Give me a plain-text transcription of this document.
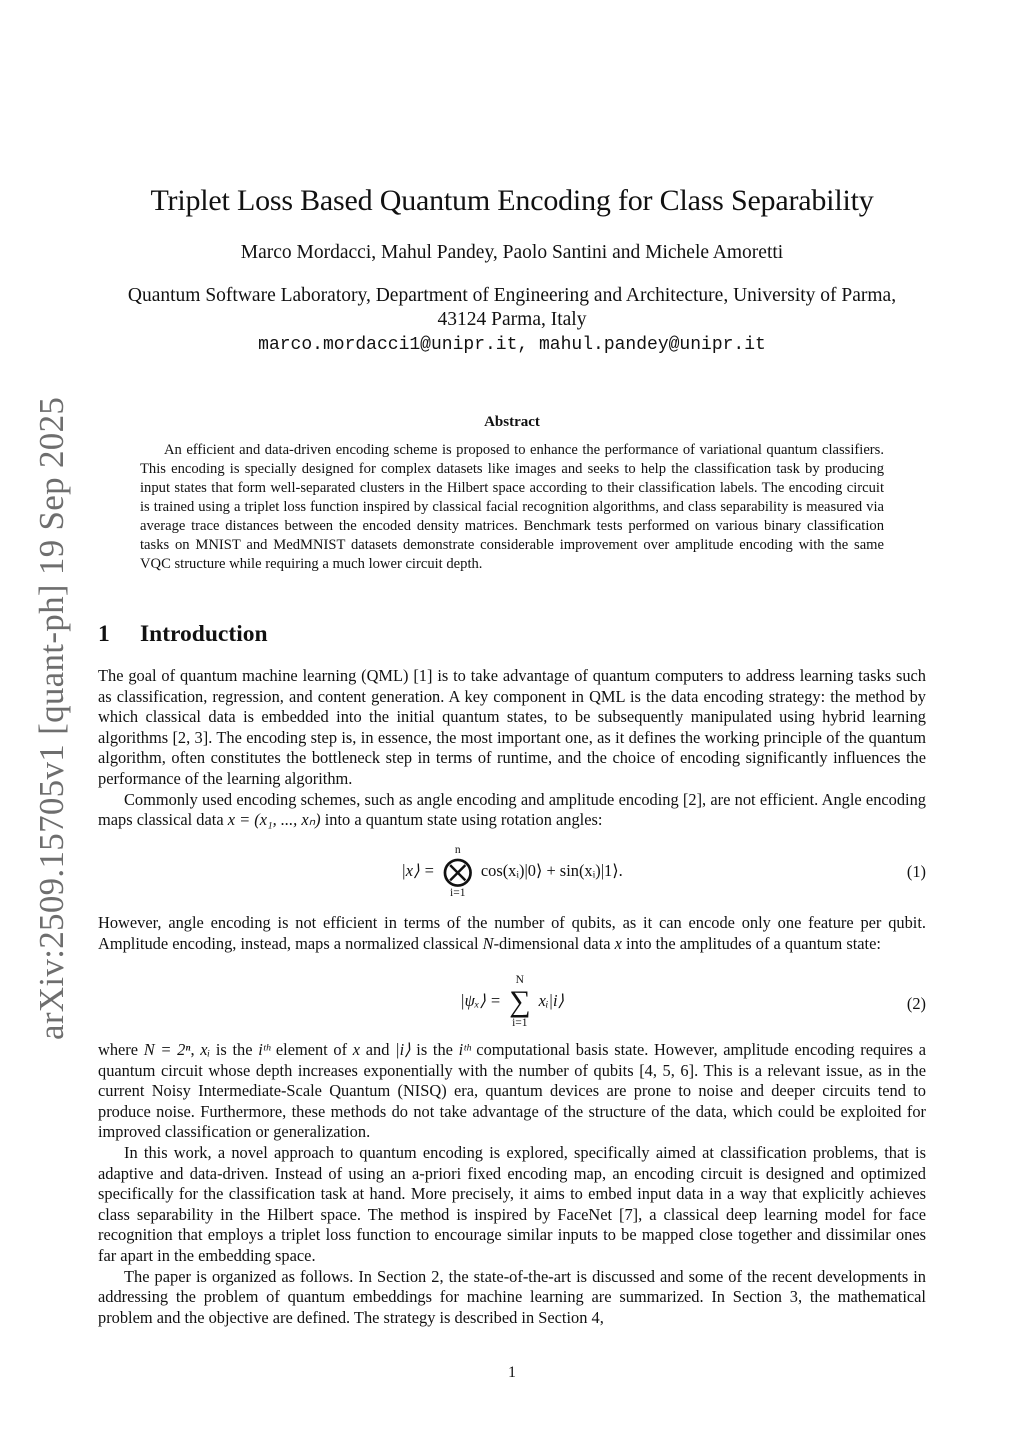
arXiv:2509.15705v1 [quant-ph] 19 Sep 2025
Triplet Loss Based Quantum Encoding for Class Separability
Marco Mordacci, Mahul Pandey, Paolo Santini and Michele Amoretti
Quantum Software Laboratory, Department of Engineering and Architecture, University of Parma, 43124 Parma, Italy
marco.mordacci1@unipr.it, mahul.pandey@unipr.it
Abstract

An efficient and data-driven encoding scheme is proposed to enhance the performance of variational quantum classifiers. This encoding is specially designed for complex datasets like images and seeks to help the classification task by producing input states that form well-separated clusters in the Hilbert space according to their classification labels. The encoding circuit is trained using a triplet loss function inspired by classical facial recognition algorithms, and class separability is measured via average trace distances between the encoded density matrices. Benchmark tests performed on various binary classification tasks on MNIST and MedMNIST datasets demonstrate considerable improvement over amplitude encoding with the same VQC structure while requiring a much lower circuit depth.

1 Introduction

The goal of quantum machine learning (QML) [1] is to take advantage of quantum computers to address learning tasks such as classification, regression, and content generation. A key component in QML is the data encoding strategy: the method by which classical data is embedded into the initial quantum states, to be subsequently manipulated using hybrid learning algorithms [2, 3]. The encoding step is, in essence, the most important one, as it defines the working principle of the quantum algorithm, often constitutes the bottleneck step in terms of runtime, and the choice of encoding significantly influences the performance of the learning algorithm.

Commonly used encoding schemes, such as angle encoding and amplitude encoding [2], are not efficient. Angle encoding maps classical data x = (x₁, ..., xₙ) into a quantum state using rotation angles:

|x⟩ =
n
⨂
i=1
cos(xᵢ)|0⟩ + sin(xᵢ)|1⟩.	(1)

However, angle encoding is not efficient in terms of the number of qubits, as it can encode only one feature per qubit. Amplitude encoding, instead, maps a normalized classical N-dimensional data x into the amplitudes of a quantum state:

|ψₓ⟩ =
N
∑
i=1
xᵢ|i⟩	(2)

where N = 2ⁿ, xᵢ is the iᵗʰ element of x and |i⟩ is the iᵗʰ computational basis state. However, amplitude encoding requires a quantum circuit whose depth increases exponentially with the number of qubits [4, 5, 6]. This is a relevant issue, as in the current Noisy Intermediate-Scale Quantum (NISQ) era, quantum devices are prone to noise and deeper circuits tend to produce noise. Furthermore, these methods do not take advantage of the structure of the data, which could be exploited for improved classification or generalization.

In this work, a novel approach to quantum encoding is explored, specifically aimed at classification problems, that is adaptive and data-driven. Instead of using an a-priori fixed encoding map, an encoding circuit is designed and optimized specifically for the classification task at hand. More precisely, it aims to embed input data in a way that explicitly achieves class separability in the Hilbert space. The method is inspired by FaceNet [7], a classical deep learning model for face recognition that employs a triplet loss function to encourage similar inputs to be mapped close together and dissimilar ones far apart in the embedding space.

The paper is organized as follows. In Section 2, the state-of-the-art is discussed and some of the recent developments in addressing the problem of quantum embeddings for machine learning are summarized. In Section 3, the mathematical problem and the objective are defined. The strategy is described in Section 4,

1
